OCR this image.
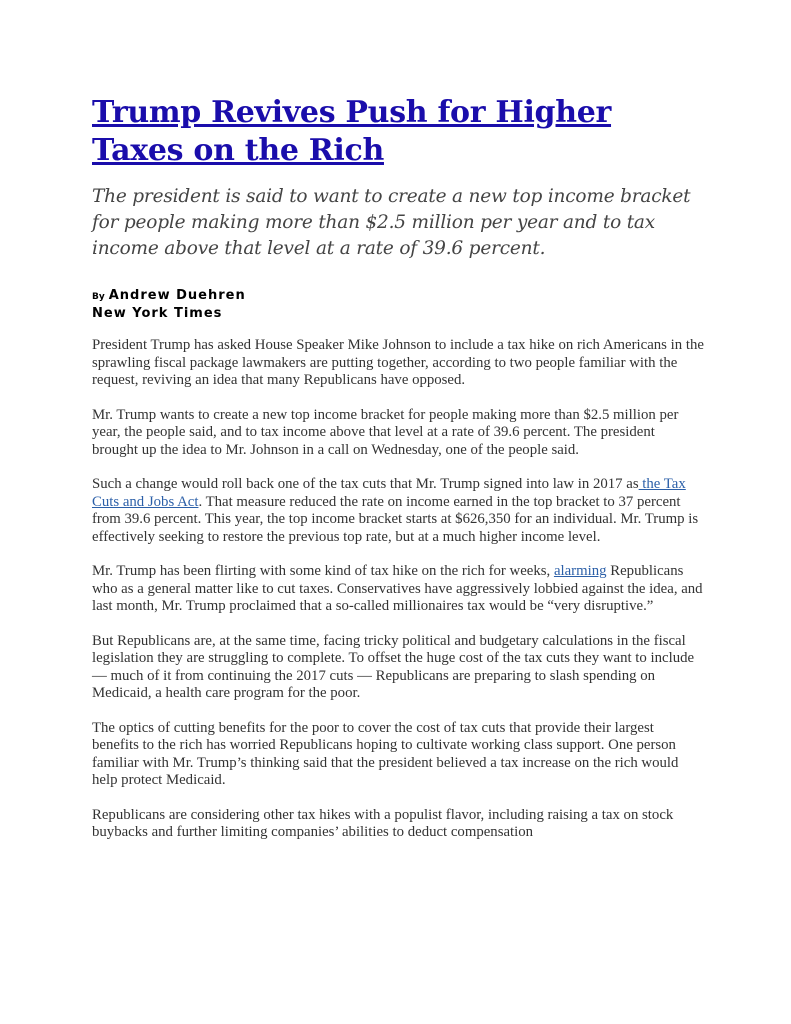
Trump Revives Push for Higher Taxes on the Rich

The president is said to want to create a new top income bracket for people making more than $2.5 million per year and to tax income above that level at a rate of 39.6 percent.

By Andrew Duehren
New York Times

President Trump has asked House Speaker Mike Johnson to include a tax hike on rich Americans in the sprawling fiscal package lawmakers are putting together, according to two people familiar with the request, reviving an idea that many Republicans have opposed.

Mr. Trump wants to create a new top income bracket for people making more than $2.5 million per year, the people said, and to tax income above that level at a rate of 39.6 percent. The president brought up the idea to Mr. Johnson in a call on Wednesday, one of the people said.

Such a change would roll back one of the tax cuts that Mr. Trump signed into law in 2017 as the Tax Cuts and Jobs Act. That measure reduced the rate on income earned in the top bracket to 37 percent from 39.6 percent. This year, the top income bracket starts at $626,350 for an individual. Mr. Trump is effectively seeking to restore the previous top rate, but at a much higher income level.

Mr. Trump has been flirting with some kind of tax hike on the rich for weeks, alarming Republicans who as a general matter like to cut taxes. Conservatives have aggressively lobbied against the idea, and last month, Mr. Trump proclaimed that a so-called millionaires tax would be “very disruptive.”

But Republicans are, at the same time, facing tricky political and budgetary calculations in the fiscal legislation they are struggling to complete. To offset the huge cost of the tax cuts they want to include — much of it from continuing the 2017 cuts — Republicans are preparing to slash spending on Medicaid, a health care program for the poor.

The optics of cutting benefits for the poor to cover the cost of tax cuts that provide their largest benefits to the rich has worried Republicans hoping to cultivate working class support. One person familiar with Mr. Trump’s thinking said that the president believed a tax increase on the rich would help protect Medicaid.

Republicans are considering other tax hikes with a populist flavor, including raising a tax on stock buybacks and further limiting companies’ abilities to deduct compensation
